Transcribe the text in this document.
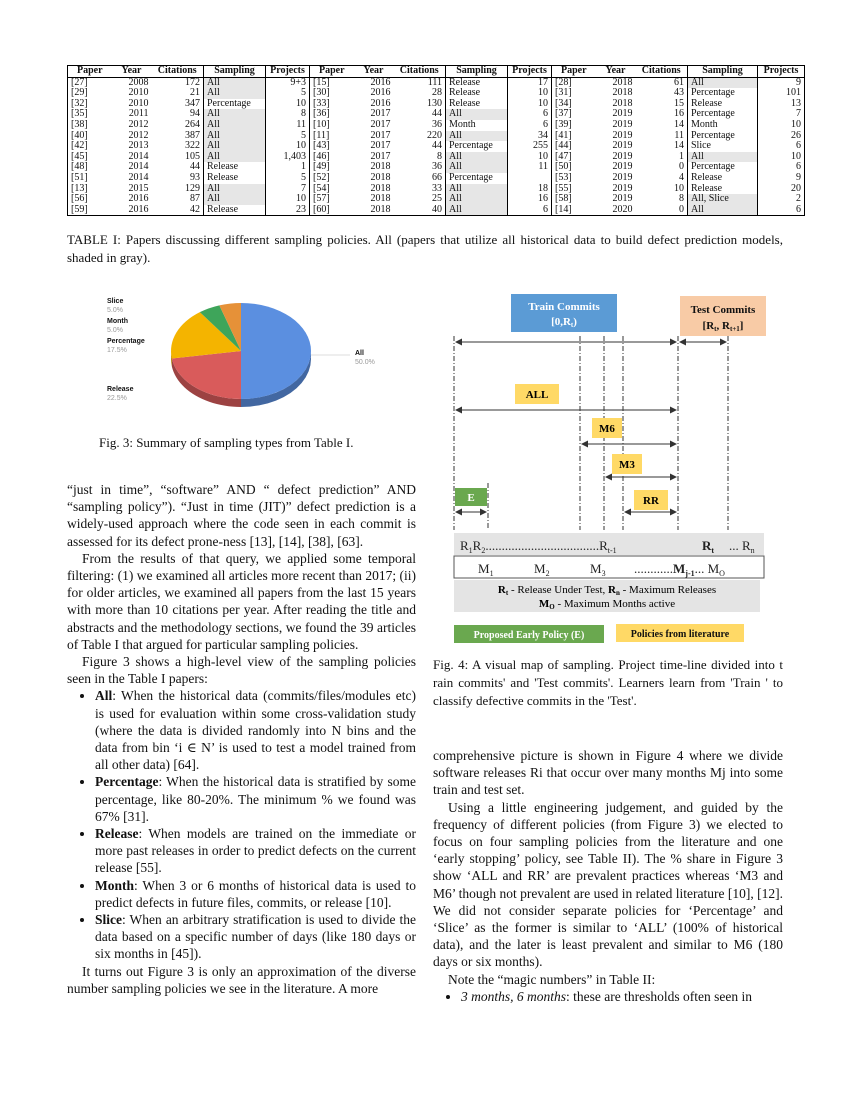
Paper	Year	Citations	Sampling	Projects	Paper	Year	Citations	Sampling	Projects	Paper	Year	Citations	Sampling	Projects
[27]	2008	172	All	9+3	[15]	2016	111	Release	17	[28]	2018	61	All	9
[29]	2010	21	All	5	[30]	2016	28	Release	10	[31]	2018	43	Percentage	101
[32]	2010	347	Percentage	10	[33]	2016	130	Release	10	[34]	2018	15	Release	13
[35]	2011	94	All	8	[36]	2017	44	All	6	[37]	2019	16	Percentage	7
[38]	2012	264	All	11	[10]	2017	36	Month	6	[39]	2019	14	Month	10
[40]	2012	387	All	5	[11]	2017	220	All	34	[41]	2019	11	Percentage	26
[42]	2013	322	All	10	[43]	2017	44	Percentage	255	[44]	2019	14	Slice	6
[45]	2014	105	All	1,403	[46]	2017	8	All	10	[47]	2019	1	All	10
[48]	2014	44	Release	1	[49]	2018	36	All	11	[50]	2019	0	Percentage	6
[51]	2014	93	Release	5	[52]	2018	66	Percentage		[53]	2019	4	Release	9
[13]	2015	129	All	7	[54]	2018	33	All	18	[55]	2019	10	Release	20
[56]	2016	87	All	10	[57]	2018	25	All	16	[58]	2019	8	All, Slice	2
[59]	2016	42	Release	23	[60]	2018	40	All	6	[14]	2020	0	All	6
TABLE I: Papers discussing different sampling policies. All (papers that utilize all historical data to build defect prediction models, shaded in gray).
All
50.0%
Release
22.5%
Percentage
17.5%
Month
5.0%
Slice
5.0%
Fig. 3: Summary of sampling types from Table I.
Train Commits
[0,Rt)
Test Commits
[Rt, Rt+1]
ALL
M6
M3
RR
E
$R_1R_2...................................R_{t-1}$	$R_t$ ... $R_n$
$M_1$	$M_2$	$M_3$ $............M_{j-1}$... $M_O$
Rt - Release Under Test, Rn - Maximum Releases
MO - Maximum Months active
Proposed Early Policy (E)	Policies from literature
Fig. 4: A visual map of sampling. Project time-line divided into t rain commits' and 'Test commits'. Learners learn from 'Train ' to classify defective commits in the 'Test'.

“just in time”, “software” AND “ defect prediction” AND “sampling policy”). “Just in time (JIT)” defect prediction is a widely-used approach where the code seen in each commit is assessed for its defect prone-ness [13], [14], [38], [63].

From the results of that query, we applied some temporal filtering: (1) we examined all articles more recent than 2017; (ii) for older articles, we examined all papers from the last 15 years with more than 10 citations per year. After reading the title and abstracts and the methodology sections, we found the 39 articles of Table I that argued for particular sampling policies.

Figure 3 shows a high-level view of the sampling policies seen in the Table I papers:

• All: When the historical data (commits/files/modules etc) is used for evaluation within some cross-validation study (where the data is divided randomly into N bins and the data from bin ‘i ∈ N’ is used to test a model trained from all other data) [64].
• Percentage: When the historical data is stratified by some percentage, like 80-20%. The minimum % we found was 67% [31].
• Release: When models are trained on the immediate or more past releases in order to predict defects on the current release [55].
• Month: When 3 or 6 months of historical data is used to predict defects in future files, commits, or release [10].
• Slice: When an arbitrary stratification is used to divide the data based on a specific number of days (like 180 days or six months in [45]).

It turns out Figure 3 is only an approximation of the diverse number sampling policies we see in the literature. A more

comprehensive picture is shown in Figure 4 where we divide software releases Ri that occur over many months Mj into some train and test set.

Using a little engineering judgement, and guided by the frequency of different policies (from Figure 3) we elected to focus on four sampling policies from the literature and one ‘early stopping’ policy, see Table II). The % share in Figure 3 show ‘ALL and RR’ are prevalent practices whereas ‘M3 and M6’ though not prevalent are used in related literature [10], [12]. We did not consider separate policies for ‘Percentage’ and ‘Slice’ as the former is similar to ‘ALL’ (100% of historical data), and the later is least prevalent and similar to M6 (180 days or six months).

Note the “magic numbers” in Table II:

• 3 months, 6 months: these are thresholds often seen in
